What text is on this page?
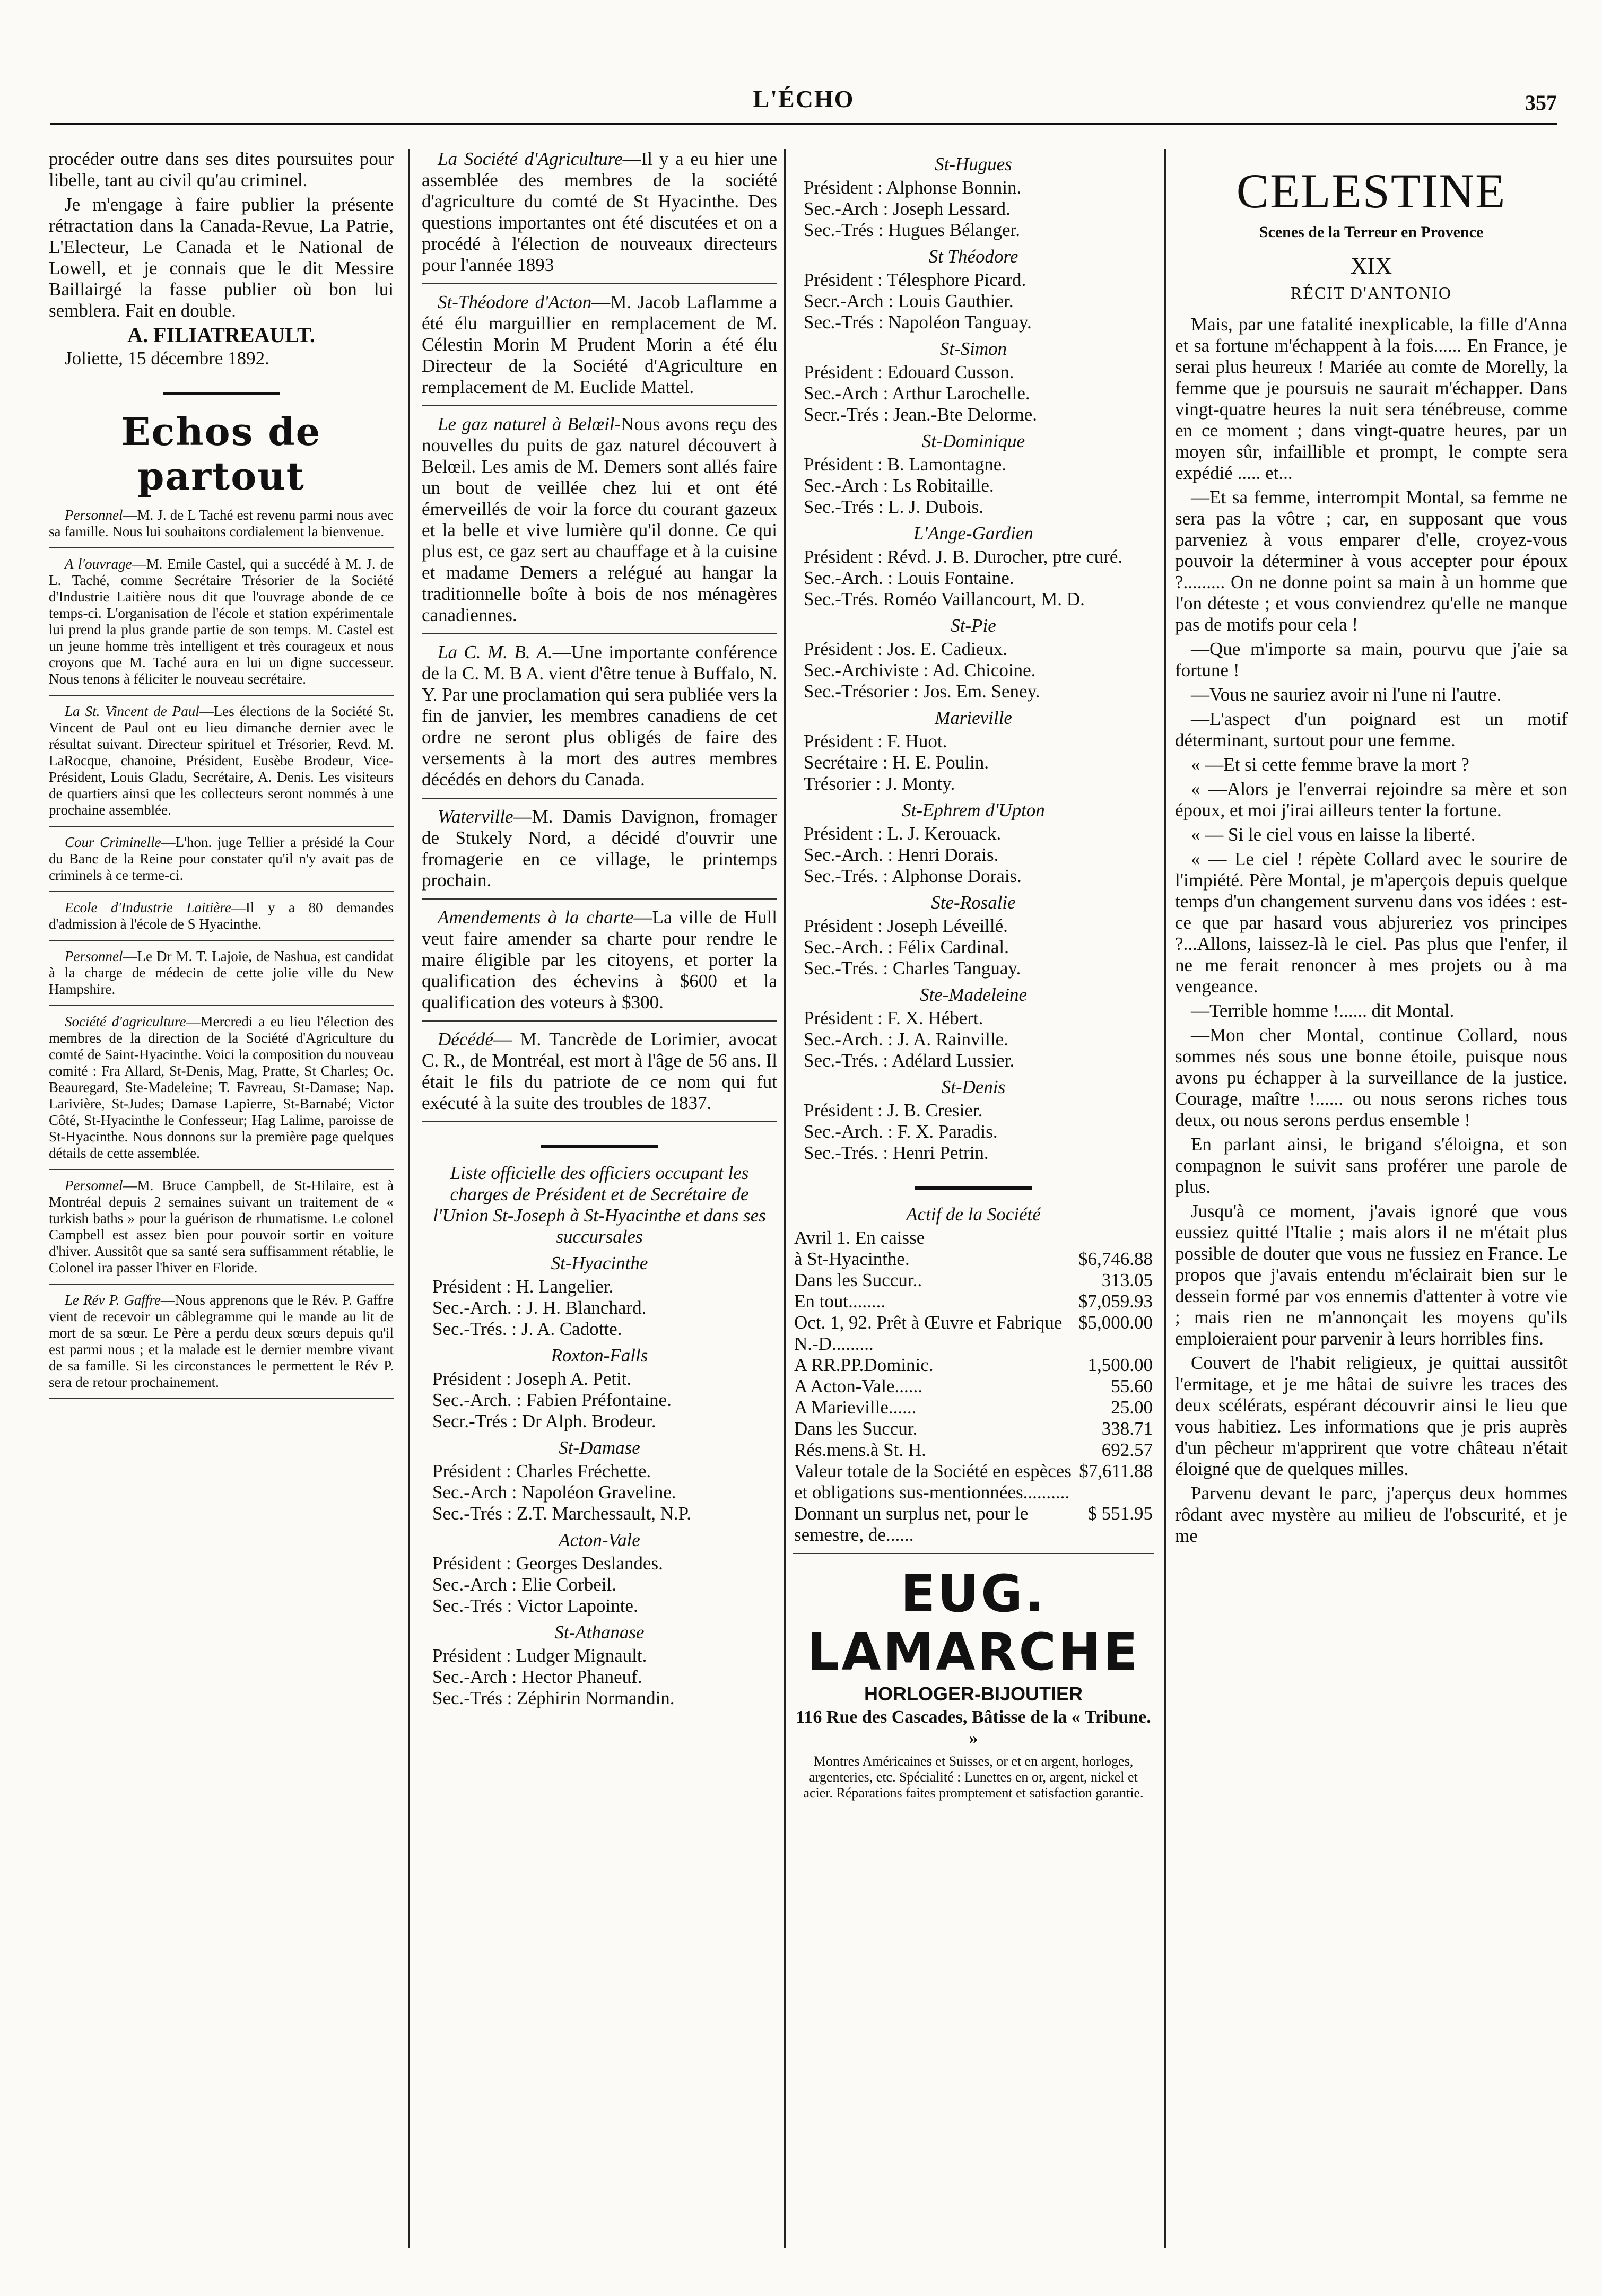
L'ÉCHO	357

procéder outre dans ses dites poursuites pour libelle, tant au civil qu'au criminel.

Je m'engage à faire publier la présente rétractation dans la Canada-Revue, La Patrie, L'Electeur, Le Canada et le National de Lowell, et je connais que le dit Messire Baillairgé la fasse publier où bon lui semblera. Fait en double.

A. FILIATREAULT.
Joliette, 15 décembre 1892.
Echos de partout

Personnel—M. J. de L Taché est revenu parmi nous avec sa famille. Nous lui souhaitons cordialement la bienvenue.

A l'ouvrage—M. Emile Castel, qui a succédé à M. J. de L. Taché, comme Secrétaire Trésorier de la Société d'Industrie Laitière nous dit que l'ouvrage abonde de ce temps-ci. L'organisation de l'école et station expérimentale lui prend la plus grande partie de son temps. M. Castel est un jeune homme très intelligent et très courageux et nous croyons que M. Taché aura en lui un digne successeur. Nous tenons à féliciter le nouveau secrétaire.

La St. Vincent de Paul—Les élections de la Société St. Vincent de Paul ont eu lieu dimanche dernier avec le résultat suivant. Directeur spirituel et Trésorier, Revd. M. LaRocque, chanoine, Président, Eusèbe Brodeur, Vice-Président, Louis Gladu, Secrétaire, A. Denis. Les visiteurs de quartiers ainsi que les collecteurs seront nommés à une prochaine assemblée.

Cour Criminelle—L'hon. juge Tellier a présidé la Cour du Banc de la Reine pour constater qu'il n'y avait pas de criminels à ce terme-ci.

Ecole d'Industrie Laitière—Il y a 80 demandes d'admission à l'école de S Hyacinthe.

Personnel—Le Dr M. T. Lajoie, de Nashua, est candidat à la charge de médecin de cette jolie ville du New Hampshire.

Société d'agriculture—Mercredi a eu lieu l'élection des membres de la direction de la Société d'Agriculture du comté de Saint-Hyacinthe. Voici la composition du nouveau comité : Fra Allard, St-Denis, Mag, Pratte, St Charles; Oc. Beauregard, Ste-Madeleine; T. Favreau, St-Damase; Nap. Larivière, St-Judes; Damase Lapierre, St-Barnabé; Victor Côté, St-Hyacinthe le Confesseur; Hag Lalime, paroisse de St-Hyacinthe. Nous donnons sur la première page quelques détails de cette assemblée.

Personnel—M. Bruce Campbell, de St-Hilaire, est à Montréal depuis 2 semaines suivant un traitement de « turkish baths » pour la guérison de rhumatisme. Le colonel Campbell est assez bien pour pouvoir sortir en voiture d'hiver. Aussitôt que sa santé sera suffisamment rétablie, le Colonel ira passer l'hiver en Floride.

Le Rév P. Gaffre—Nous apprenons que le Rév. P. Gaffre vient de recevoir un câblegramme qui le mande au lit de mort de sa sœur. Le Père a perdu deux sœurs depuis qu'il est parmi nous ; et la malade est le dernier membre vivant de sa famille. Si les circonstances le permettent le Rév P. sera de retour prochainement.

La Société d'Agriculture—Il y a eu hier une assemblée des membres de la société d'agriculture du comté de St Hyacinthe. Des questions importantes ont été discutées et on a procédé à l'élection de nouveaux directeurs pour l'année 1893

St-Théodore d'Acton—M. Jacob Laflamme a été élu marguillier en remplacement de M. Célestin Morin M Prudent Morin a été élu Directeur de la Société d'Agriculture en remplacement de M. Euclide Mattel.

Le gaz naturel à Belœil-Nous avons reçu des nouvelles du puits de gaz naturel découvert à Belœil. Les amis de M. Demers sont allés faire un bout de veillée chez lui et ont été émerveillés de voir la force du courant gazeux et la belle et vive lumière qu'il donne. Ce qui plus est, ce gaz sert au chauffage et à la cuisine et madame Demers a relégué au hangar la traditionnelle boîte à bois de nos ménagères canadiennes.

La C. M. B. A.—Une importante conférence de la C. M. B A. vient d'être tenue à Buffalo, N. Y. Par une proclamation qui sera publiée vers la fin de janvier, les membres canadiens de cet ordre ne seront plus obligés de faire des versements à la mort des autres membres décédés en dehors du Canada.

Waterville—M. Damis Davignon, fromager de Stukely Nord, a décidé d'ouvrir une fromagerie en ce village, le printemps prochain.

Amendements à la charte—La ville de Hull veut faire amender sa charte pour rendre le maire éligible par les citoyens, et porter la qualification des échevins à $600 et la qualification des voteurs à $300.

Décédé— M. Tancrède de Lorimier, avocat C. R., de Montréal, est mort à l'âge de 56 ans. Il était le fils du patriote de ce nom qui fut exécuté à la suite des troubles de 1837.

Liste officielle des officiers occupant les charges de Président et de Secrétaire de l'Union St-Joseph à St-Hyacinthe et dans ses succursales
St-Hyacinthe
Président : H. Langelier.
Sec.-Arch. : J. H. Blanchard.
Sec.-Trés. : J. A. Cadotte.
Roxton-Falls
Président : Joseph A. Petit.
Sec.-Arch. : Fabien Préfontaine.
Secr.-Trés : Dr Alph. Brodeur.
St-Damase
Président : Charles Fréchette.
Sec.-Arch : Napoléon Graveline.
Sec.-Trés : Z.T. Marchessault, N.P.
Acton-Vale
Président : Georges Deslandes.
Sec.-Arch : Elie Corbeil.
Sec.-Trés : Victor Lapointe.
St-Athanase
Président : Ludger Mignault.
Sec.-Arch : Hector Phaneuf.
Sec.-Trés : Zéphirin Normandin.
St-Hugues
Président : Alphonse Bonnin.
Sec.-Arch : Joseph Lessard.
Sec.-Trés : Hugues Bélanger.
St Théodore
Président : Télesphore Picard.
Secr.-Arch : Louis Gauthier.
Sec.-Trés : Napoléon Tanguay.
St-Simon
Président : Edouard Cusson.
Sec.-Arch : Arthur Larochelle.
Secr.-Trés : Jean.-Bte Delorme.
St-Dominique
Président : B. Lamontagne.
Sec.-Arch : Ls Robitaille.
Sec.-Trés : L. J. Dubois.
L'Ange-Gardien
Président : Révd. J. B. Durocher, ptre curé.
Sec.-Arch. : Louis Fontaine.
Sec.-Trés. Roméo Vaillancourt, M. D.
St-Pie
Président : Jos. E. Cadieux.
Sec.-Archiviste : Ad. Chicoine.
Sec.-Trésorier : Jos. Em. Seney.
Marieville
Président : F. Huot.
Secrétaire : H. E. Poulin.
Trésorier : J. Monty.
St-Ephrem d'Upton
Président : L. J. Kerouack.
Sec.-Arch. : Henri Dorais.
Sec.-Trés. : Alphonse Dorais.
Ste-Rosalie
Président : Joseph Léveillé.
Sec.-Arch. : Félix Cardinal.
Sec.-Trés. : Charles Tanguay.
Ste-Madeleine
Président : F. X. Hébert.
Sec.-Arch. : J. A. Rainville.
Sec.-Trés. : Adélard Lussier.
St-Denis
Président : J. B. Cresier.
Sec.-Arch. : F. X. Paradis.
Sec.-Trés. : Henri Petrin.
Actif de la Société
Avril 1. En caisse	
à St-Hyacinthe.	$6,746.88
Dans les Succur..	313.05
En tout........	$7,059.93
Oct. 1, 92. Prêt à Œuvre et Fabrique N.-D.........	$5,000.00
A RR.PP.Dominic.	1,500.00
A Acton-Vale......	55.60
A Marieville......	25.00
Dans les Succur.	338.71
Rés.mens.à St. H.	692.57
Valeur totale de la Société en espèces et obligations sus-mentionnées..........	$7,611.88
Donnant un surplus net, pour le semestre, de......	$ 551.95
EUG. LAMARCHE
HORLOGER-BIJOUTIER
116 Rue des Cascades, Bâtisse de la « Tribune. »
Montres Américaines et Suisses, or et en argent, horloges, argenteries, etc. Spécialité : Lunettes en or, argent, nickel et acier. Réparations faites promptement et satisfaction garantie.
CELESTINE
Scenes de la Terreur en Provence
XIX
RÉCIT D'ANTONIO

Mais, par une fatalité inexplicable, la fille d'Anna et sa fortune m'échappent à la fois...... En France, je serai plus heureux ! Mariée au comte de Morelly, la femme que je poursuis ne saurait m'échapper. Dans vingt-quatre heures la nuit sera ténébreuse, comme en ce moment ; dans vingt-quatre heures, par un moyen sûr, infaillible et prompt, le compte sera expédié ..... et...

—Et sa femme, interrompit Montal, sa femme ne sera pas la vôtre ; car, en supposant que vous parveniez à vous emparer d'elle, croyez-vous pouvoir la déterminer à vous accepter pour époux ?......... On ne donne point sa main à un homme que l'on déteste ; et vous conviendrez qu'elle ne manque pas de motifs pour cela !

—Que m'importe sa main, pourvu que j'aie sa fortune !

—Vous ne sauriez avoir ni l'une ni l'autre.

—L'aspect d'un poignard est un motif déterminant, surtout pour une femme.

« —Et si cette femme brave la mort ?

« —Alors je l'enverrai rejoindre sa mère et son époux, et moi j'irai ailleurs tenter la fortune.

« — Si le ciel vous en laisse la liberté.

« — Le ciel ! répète Collard avec le sourire de l'impiété. Père Montal, je m'aperçois depuis quelque temps d'un changement survenu dans vos idées : est-ce que par hasard vous abjureriez vos principes ?...Allons, laissez-là le ciel. Pas plus que l'enfer, il ne me ferait renoncer à mes projets ou à ma vengeance.

—Terrible homme !...... dit Montal.

—Mon cher Montal, continue Collard, nous sommes nés sous une bonne étoile, puisque nous avons pu échapper à la surveillance de la justice. Courage, maître !...... ou nous serons riches tous deux, ou nous serons perdus ensemble !

En parlant ainsi, le brigand s'éloigna, et son compagnon le suivit sans proférer une parole de plus.

Jusqu'à ce moment, j'avais ignoré que vous eussiez quitté l'Italie ; mais alors il ne m'était plus possible de douter que vous ne fussiez en France. Le propos que j'avais entendu m'éclairait bien sur le dessein formé par vos ennemis d'attenter à votre vie ; mais rien ne m'annonçait les moyens qu'ils emploieraient pour parvenir à leurs horribles fins.

Couvert de l'habit religieux, je quittai aussitôt l'ermitage, et je me hâtai de suivre les traces des deux scélérats, espérant découvrir ainsi le lieu que vous habitiez. Les informations que je pris auprès d'un pêcheur m'apprirent que votre château n'était éloigné que de quelques milles.

Parvenu devant le parc, j'aperçus deux hommes rôdant avec mystère au milieu de l'obscurité, et je me
